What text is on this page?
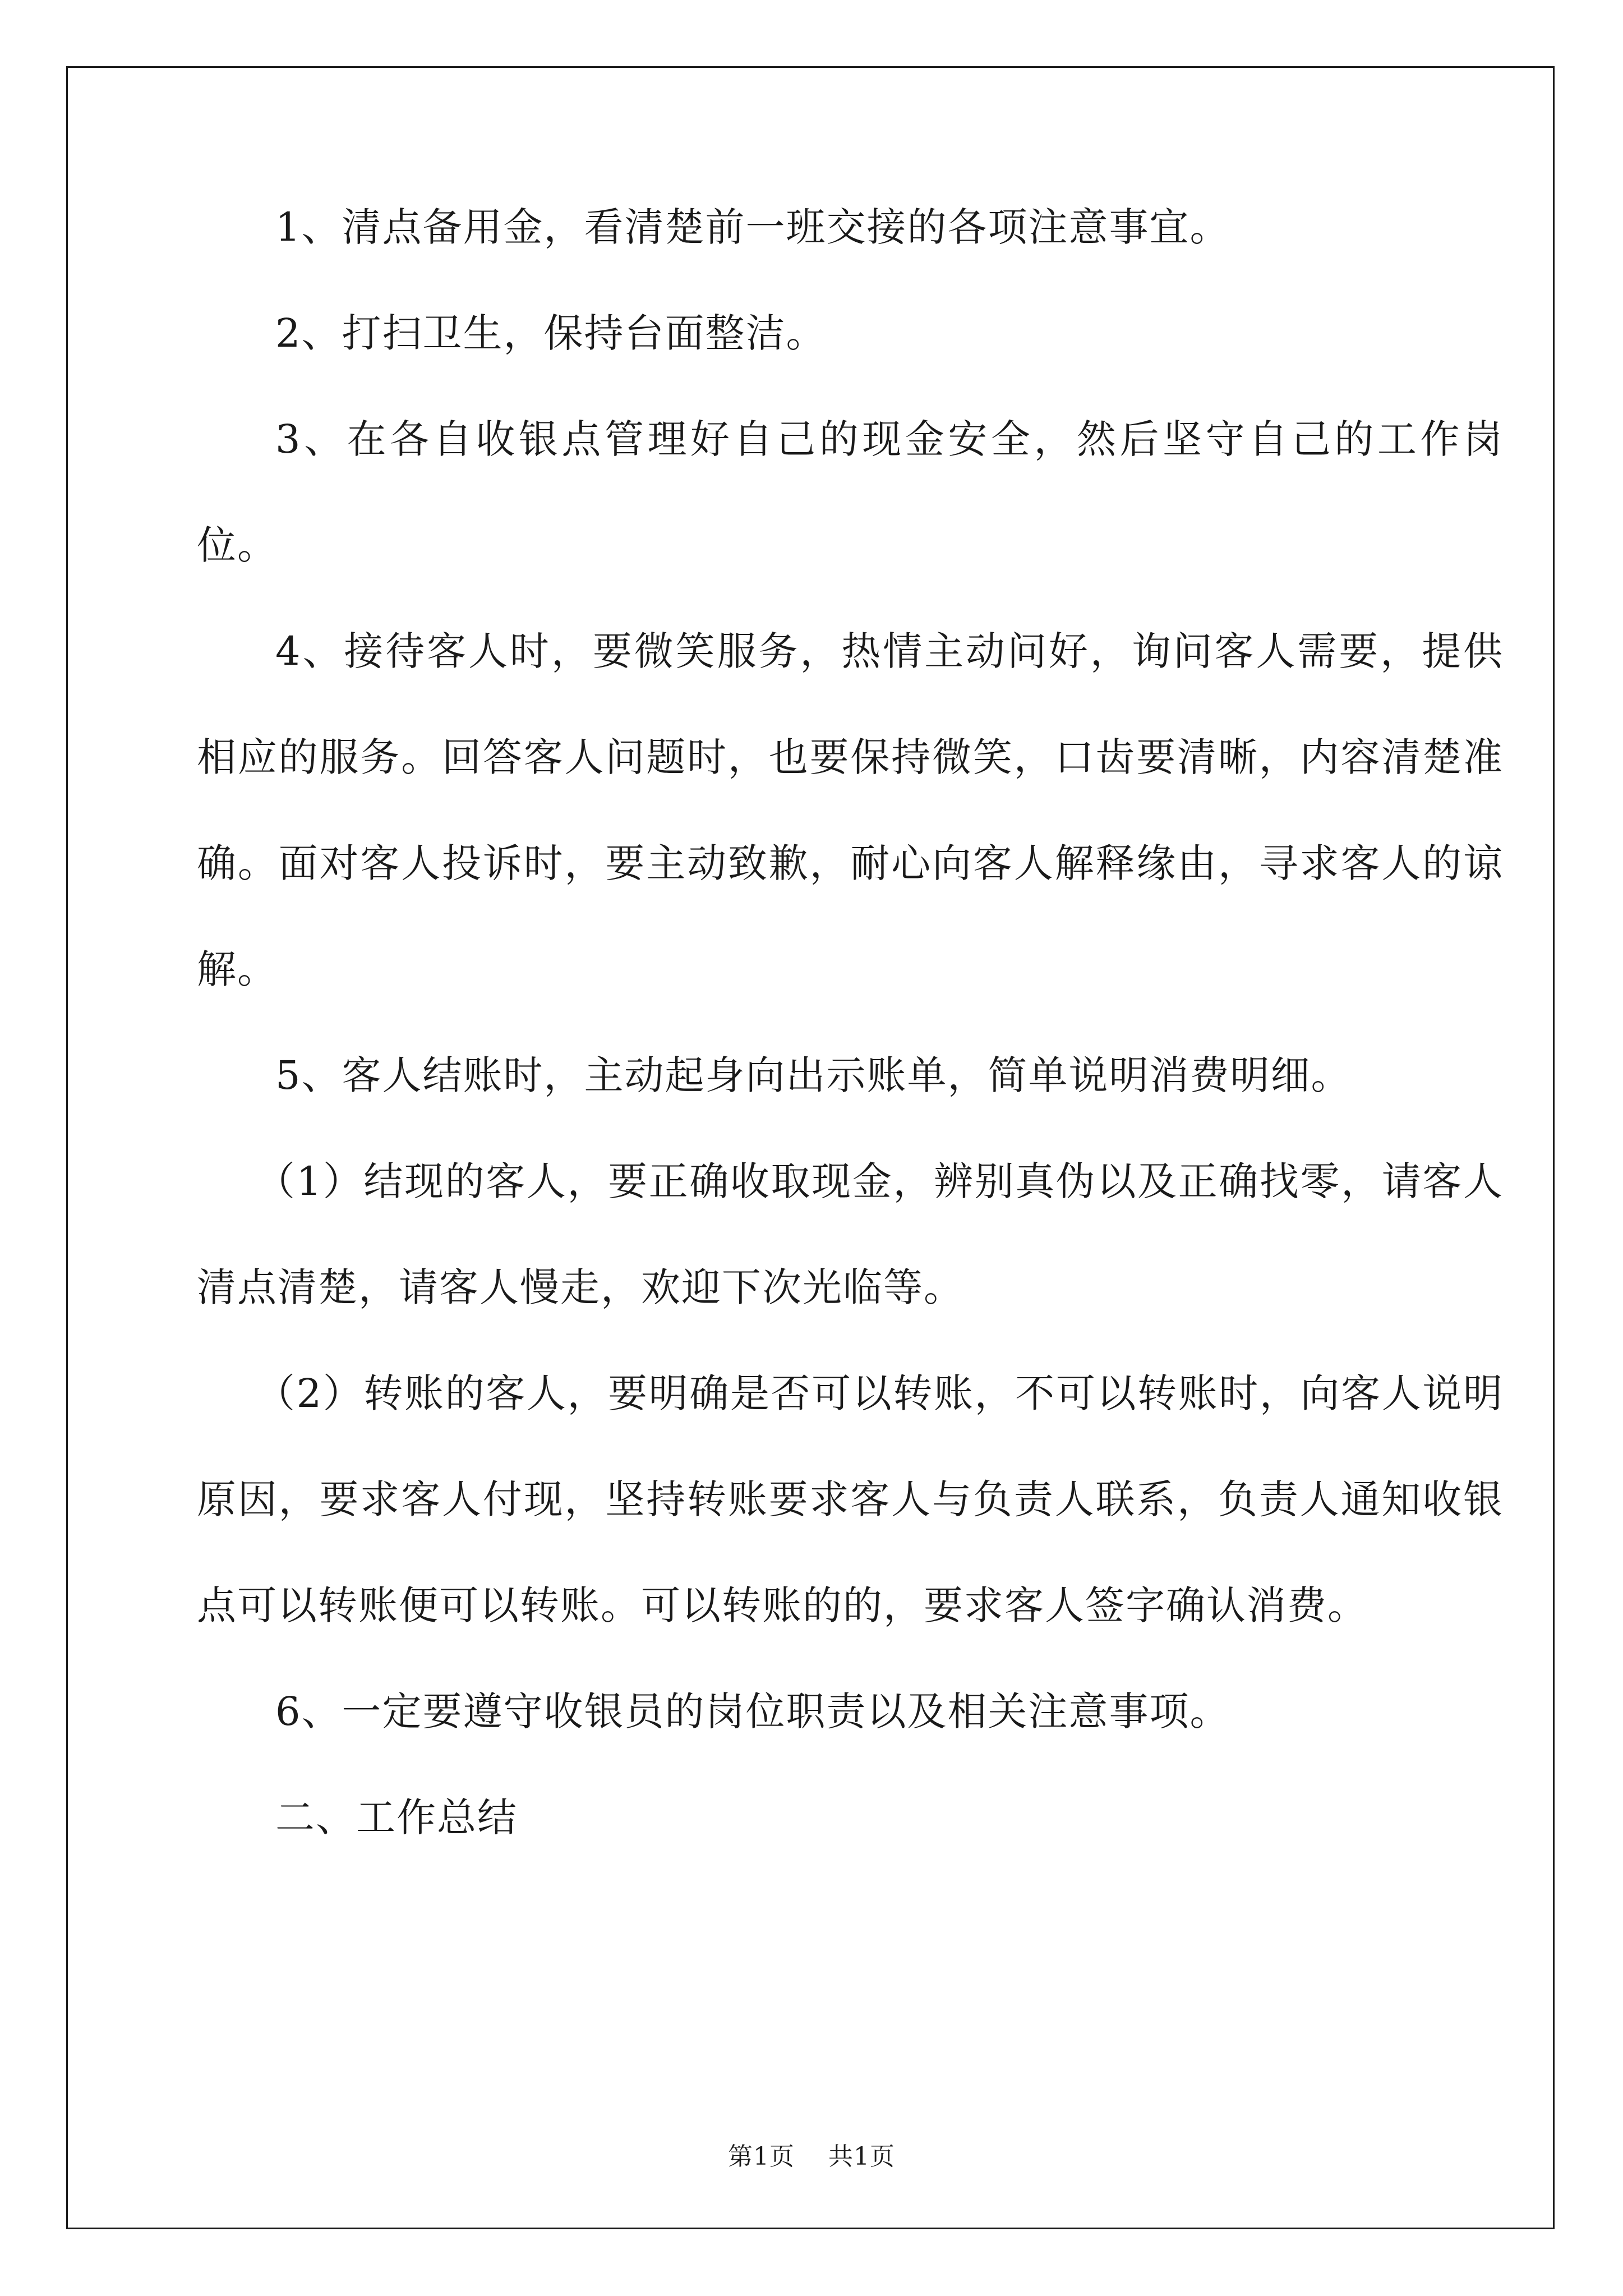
1、清点备用金，看清楚前一班交接的各项注意事宜。

2、打扫卫生，保持台面整洁。

3、在各自收银点管理好自己的现金安全，然后坚守自己的工作岗位。

4、接待客人时，要微笑服务，热情主动问好，询问客人需要，提供相应的服务。回答客人问题时，也要保持微笑，口齿要清晰，内容清楚准确。面对客人投诉时，要主动致歉，耐心向客人解释缘由，寻求客人的谅解。

5、客人结账时，主动起身向出示账单，简单说明消费明细。

（1）结现的客人，要正确收取现金，辨别真伪以及正确找零，请客人清点清楚，请客人慢走，欢迎下次光临等。

（2）转账的客人，要明确是否可以转账，不可以转账时，向客人说明原因，要求客人付现，坚持转账要求客人与负责人联系，负责人通知收银点可以转账便可以转账。可以转账的的，要求客人签字确认消费。

6、一定要遵守收银员的岗位职责以及相关注意事项。

二、工作总结

第1页 共1页
